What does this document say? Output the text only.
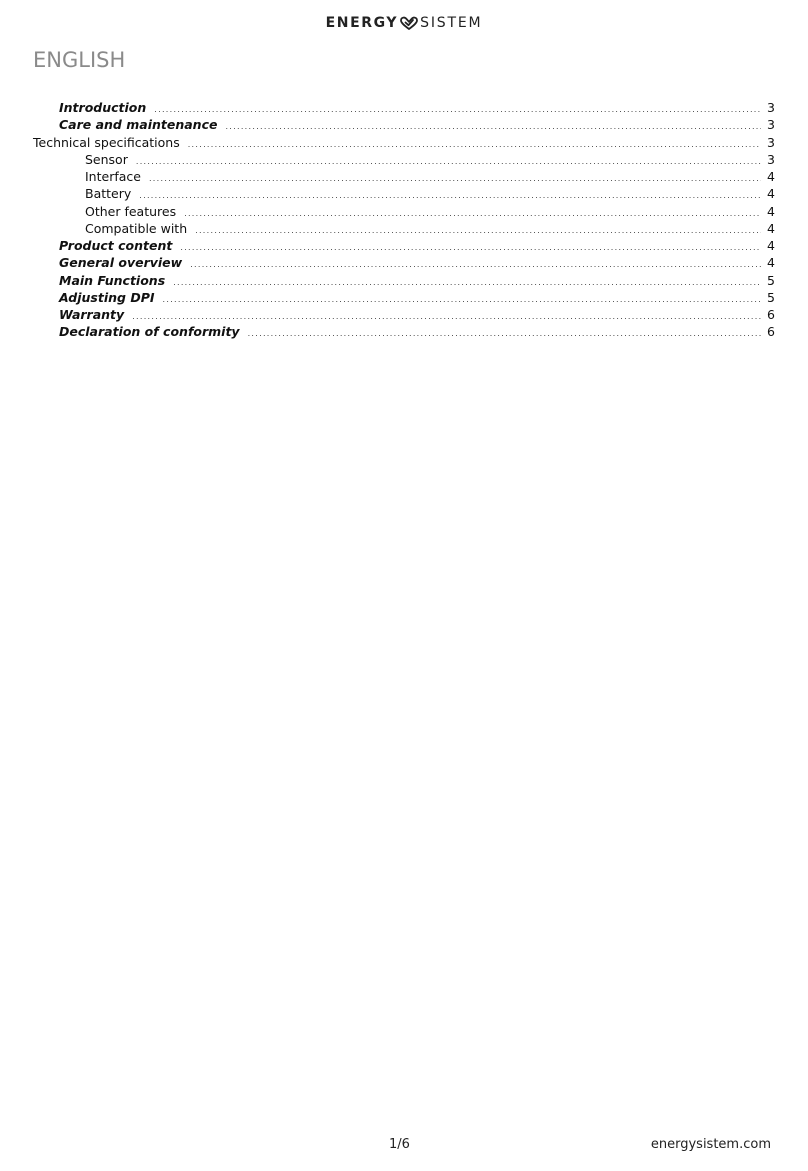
ENERGY SISTEM
ENGLISH
Introduction .....	3
Care and maintenance .....	3
Technical specifications .....	3
Sensor .....	3
Interface .....	4
Battery .....	4
Other features .....	4
Compatible with .....	4
Product content .....	4
General overview .....	4
Main Functions .....	5
Adjusting DPI .....	5
Warranty .....	6
Declaration of conformity .....	6
1/6	energysistem.com
